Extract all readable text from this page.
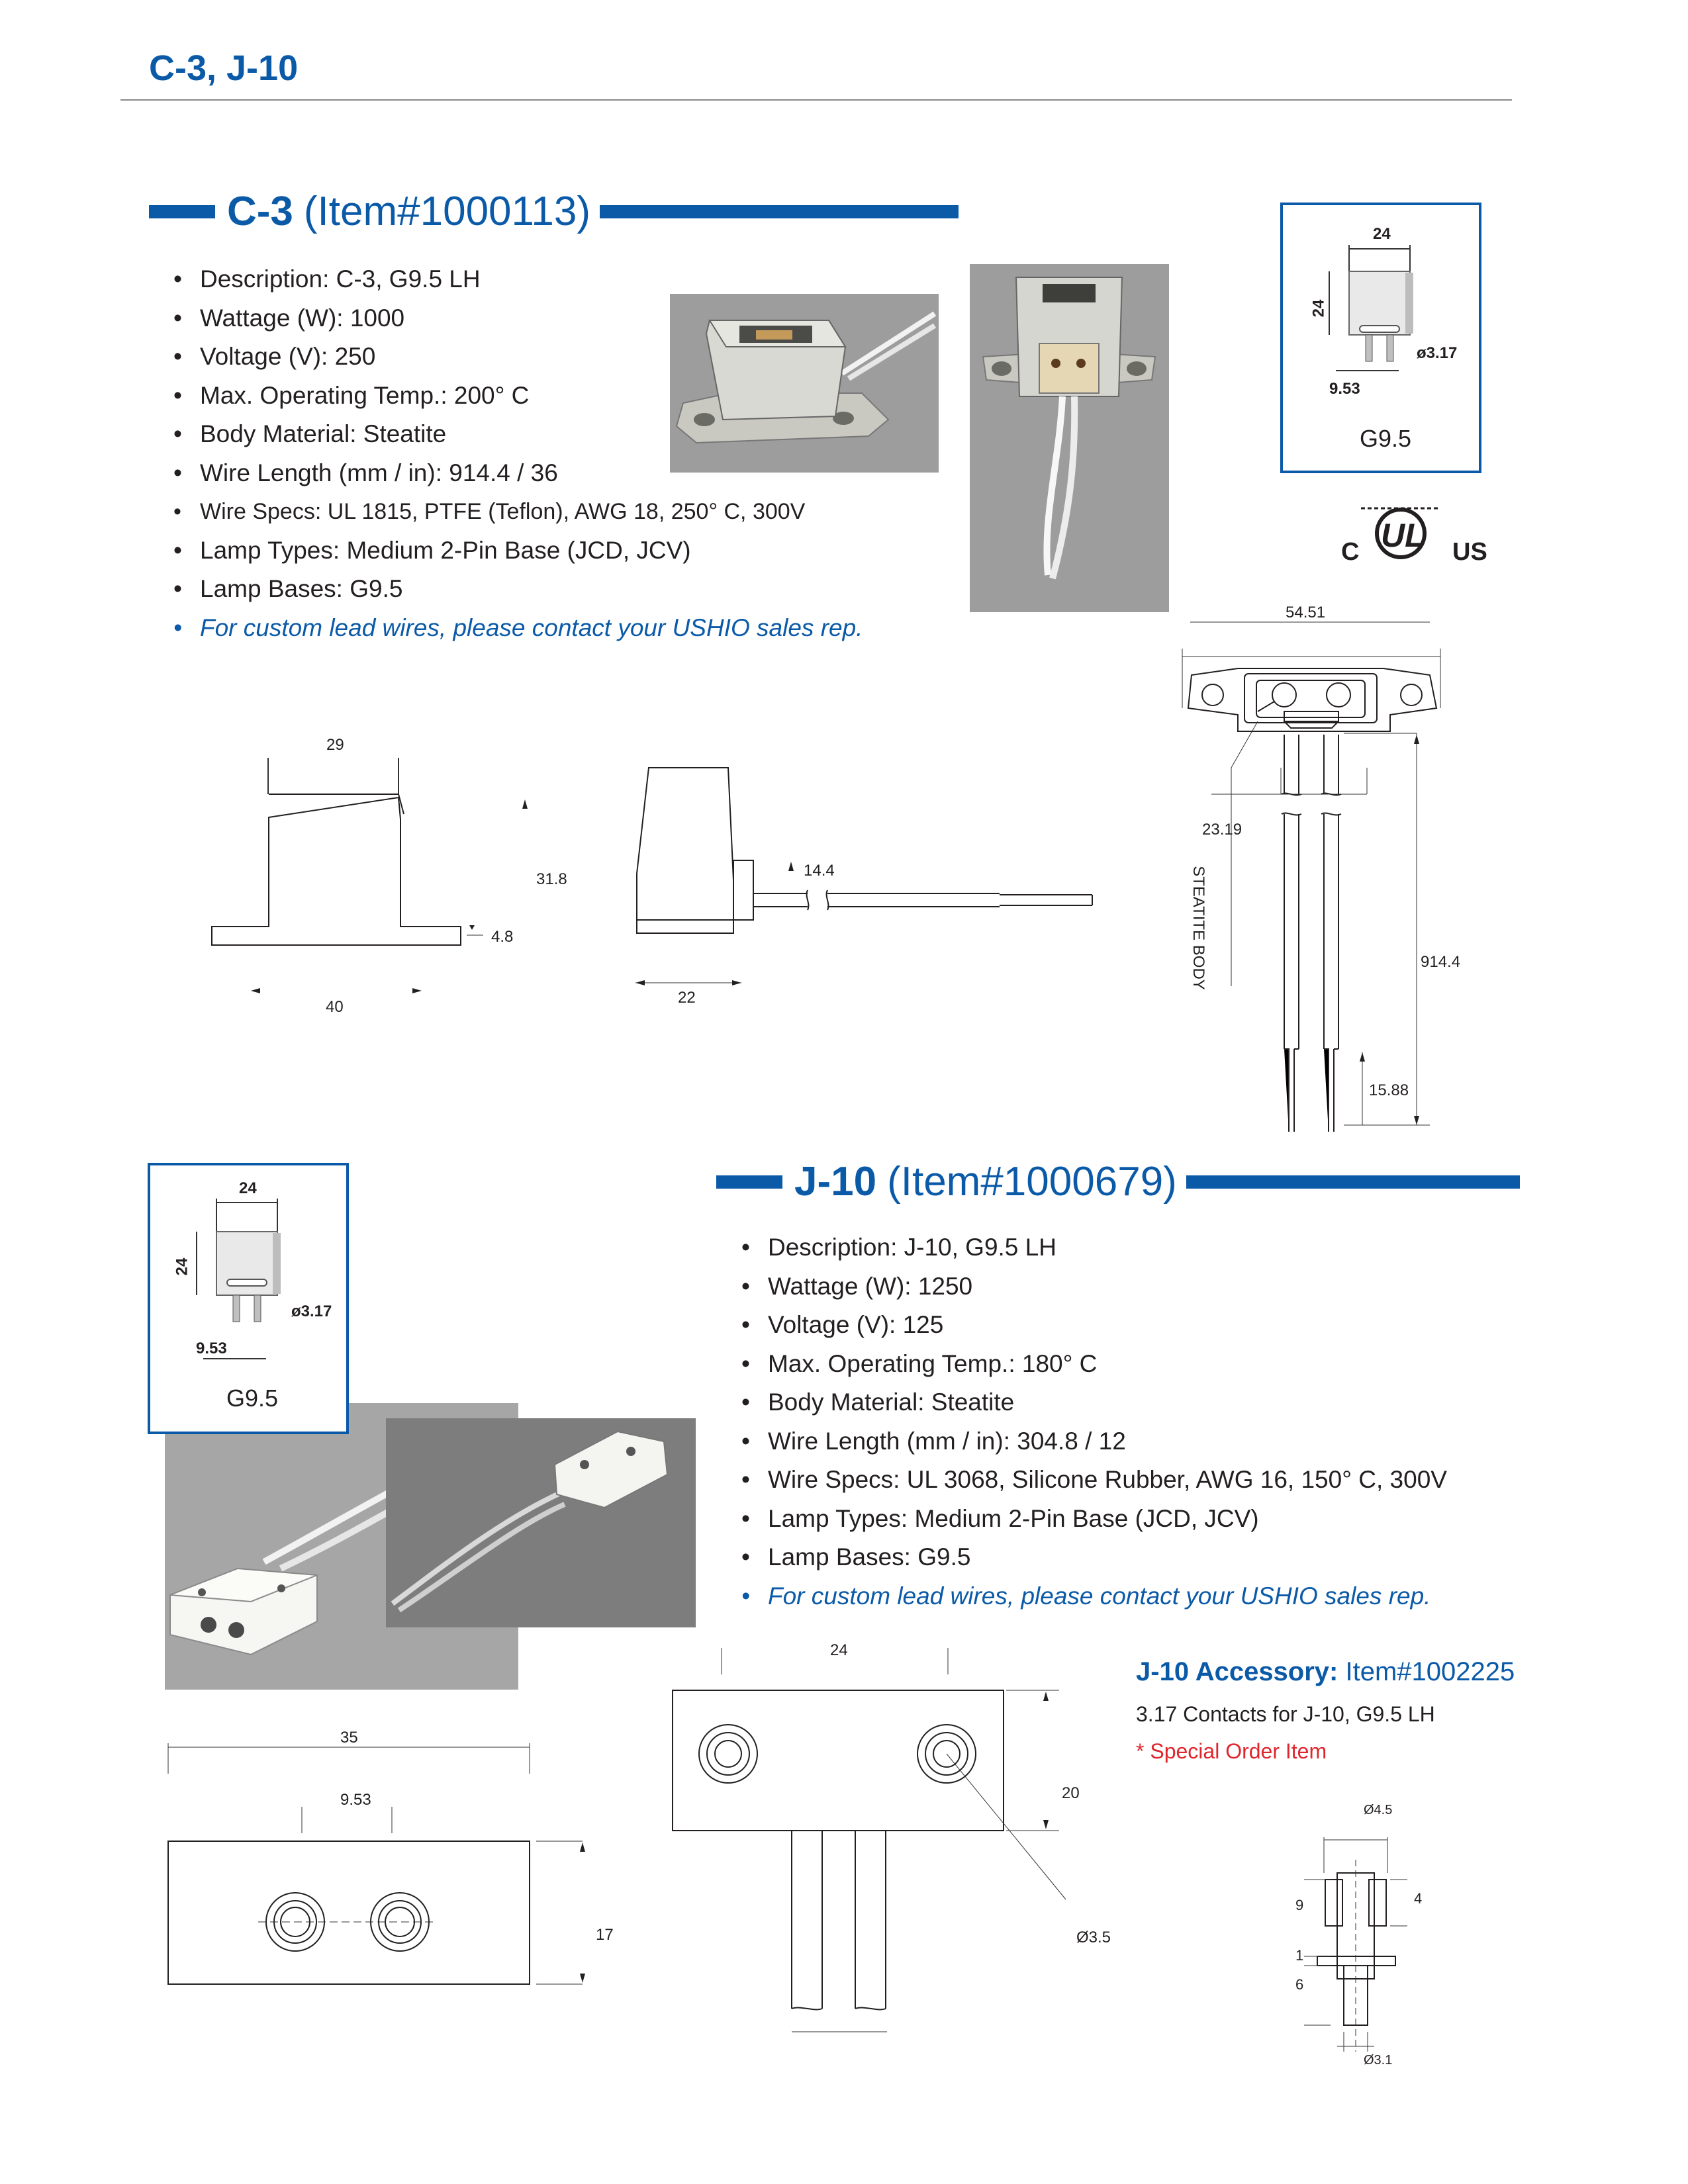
C-3, J-10
C-3 (Item#1000113)
• Description: C-3, G9.5 LH
• Wattage (W): 1000
• Voltage (V): 250
• Max. Operating Temp.: 200° C
• Body Material: Steatite
• Wire Length (mm / in): 914.4 / 36
• Wire Specs: UL 1815, PTFE (Teflon), AWG 18, 250° C, 300V
• Lamp Types: Medium 2-Pin Base (JCD, JCV)
• Lamp Bases: G9.5
• For custom lead wires, please contact your USHIO sales rep.
24
24
ø3.17
9.53
G9.5
UL
C	US
29
31.8
4.8
40
14.4
22
54.51
23.19
STEATITE BODY	914.4
15.88
J-10 (Item#1000679)
• Description: J-10, G9.5 LH
• Wattage (W): 1250
• Voltage (V): 125
• Max. Operating Temp.: 180° C
• Body Material: Steatite
• Wire Length (mm / in): 304.8 / 12
• Wire Specs: UL 3068, Silicone Rubber, AWG 16, 150° C, 300V
• Lamp Types: Medium 2-Pin Base (JCD, JCV)
• Lamp Bases: G9.5
• For custom lead wires, please contact your USHIO sales rep.
24
24
ø3.17
9.53
G9.5
35
9.53
17
24
20
Ø3.5
J-10 Accessory: Item#1002225
3.17 Contacts for J-10, G9.5 LH
* Special Order Item
Ø4.5
9	4
1
6
Ø3.1
